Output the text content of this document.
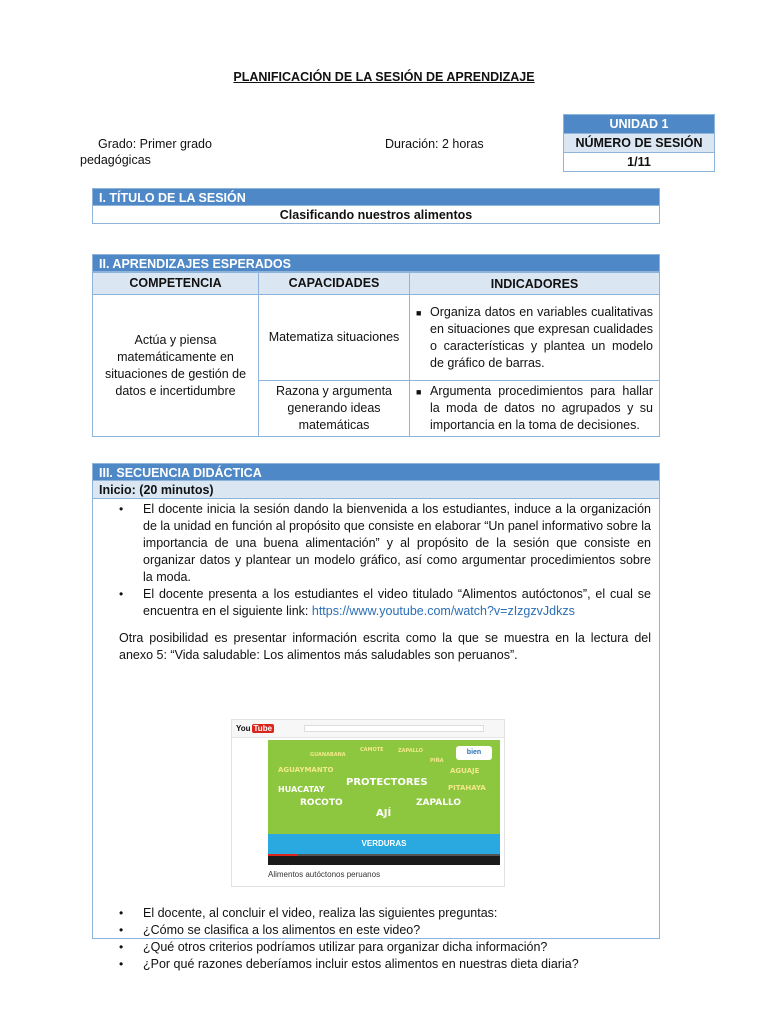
PLANIFICACIÓN DE LA SESIÓN DE APRENDIZAJE
Grado: Primer grado
pedagógicas
Duración: 2 horas
UNIDAD 1
NÚMERO DE SESIÓN
1/11
I. TÍTULO DE LA SESIÓN
Clasificando nuestros alimentos
II. APRENDIZAJES ESPERADOS
COMPETENCIA	CAPACIDADES	INDICADORES
Actúa y piensa matemáticamente en situaciones de gestión de datos e incertidumbre	Matematiza situaciones	■ Organiza datos en variables cualitativas en situaciones que expresan cualidades o características y plantea un modelo de gráfico de barras.

	Razona y argumenta generando ideas matemáticas	■ Argumenta procedimientos para hallar la moda de datos no agrupados y su importancia en la toma de decisiones.
III. SECUENCIA DIDÁCTICA
Inicio: (20 minutos)
•	El docente inicia la sesión dando la bienvenida a los estudiantes, induce a la organización de la unidad en función al propósito que consiste en elaborar “Un panel informativo sobre la importancia de una buena alimentación” y al propósito de la sesión que consiste en organizar datos y plantear un modelo gráfico, así como argumentar procedimientos sobre la moda.
•	El docente presenta a los estudiantes el video titulado “Alimentos autóctonos”, el cual se encuentra en el siguiente link: https://www.youtube.com/watch?v=zIzgzvJdkzs
Otra posibilidad es presentar información escrita como la que se muestra en la lectura del anexo 5: “Vida saludable: Los alimentos más saludables son peruanos”.
You Tube
bien
GUANABANA
CAMOTE	ZAPALLO
PIÑA
AGUAYMANTO	AGUAJE
PROTECTORES
HUACATAY	PITAHAYA
ROCOTO	ZAPALLO
AJÍ
VERDURAS
Alimentos autóctonos peruanos
•	El docente, al concluir el video, realiza las siguientes preguntas:
•	¿Cómo se clasifica a los alimentos en este video?
•	¿Qué otros criterios podríamos utilizar para organizar dicha información?
•	¿Por qué razones deberíamos incluir estos alimentos en nuestras dieta diaria?
